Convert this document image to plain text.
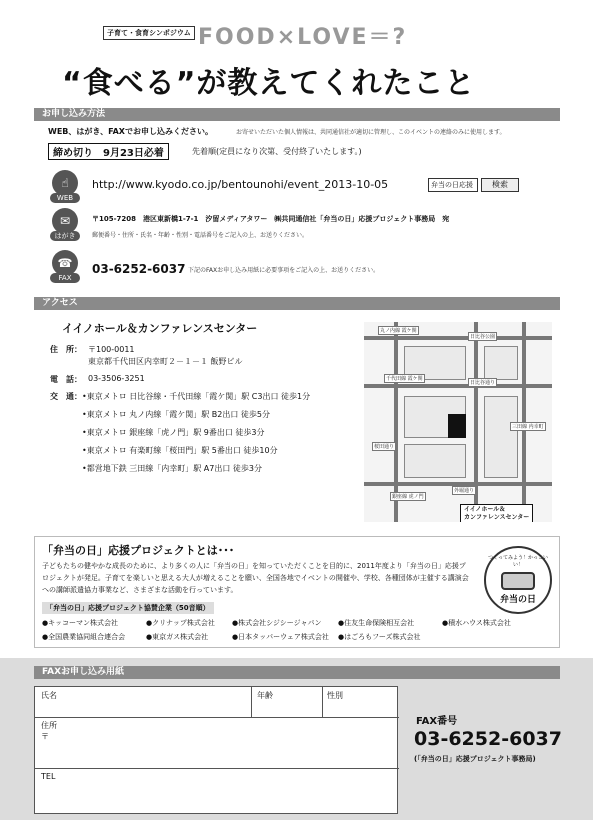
子育て・食育シンポジウム FOOD×LOVE＝?
“食べる”が教えてくれたこと
お申し込み方法
WEB、はがき、FAXでお申し込みください。	お寄せいただいた個人情報は、共同通信社が適切に管理し、このイベントの連絡のみに使用します。
締め切り　9月23日必着	先着順(定員になり次第、受付終了いたします。)
☝
WEB
http://www.kyodo.co.jp/bentounohi/event_2013-10-05	弁当の日応援	検索
✉
はがき
〒105-7208　港区東新橋1-7-1　汐留メディアタワー　㈱共同通信社「弁当の日」応援プロジェクト事務局　宛
郵便番号・住所・氏名・年齢・性別・電話番号をご記入の上、お送りください。
☎
FAX
03-6252-6037 下記のFAXお申し込み用紙に必要事項をご記入の上、お送りください。
アクセス
イイノホール＆カンファレンスセンター
住　所： 〒100-0011
東京都千代田区内幸町２－１－１ 飯野ビル
電　話： 03-3506-3251
交　通： •東京メトロ 日比谷線・千代田線「霞ケ関」駅 C3出口 徒歩1分
•東京メトロ 丸ノ内線「霞ケ関」駅 B2出口 徒歩5分
•東京メトロ 銀座線「虎ノ門」駅 9番出口 徒歩3分
•東京メトロ 有楽町線「桜田門」駅 5番出口 徒歩10分
•都営地下鉄 三田線「内幸町」駅 A7出口 徒歩3分
丸ノ内線 霞ケ関
日比谷公園
千代田線 霞ケ関
日比谷通り
桜田通り
三田線 内幸町
銀座線 虎ノ門
外堀通り
イイノホール＆
カンファレンスセンター
「弁当の日」応援プロジェクトとは･･･
子どもたちの健やかな成長のために、より多くの人に「弁当の日」を知っていただくことを目的に、2011年度より「弁当の日」応援プロジェクトが発足。子育てを楽しいと思える大人が増えることを願い、全国各地でイベントの開催や、学校、各種団体が主催する講演会への講師派遣協力事業など、さまざまな活動を行っています。
「弁当の日」応援プロジェクト協賛企業（50音順）
●キッコーマン株式会社	●クリナップ株式会社 ●株式会社シジシージャパン ●住友生命保険相互会社	●積水ハウス株式会社
●全国農業協同組合連合会	●東京ガス株式会社	●日本タッパーウェア株式会社 ●はごろもフーズ株式会社
つくってみよう！かっこいい！
弁当の日
FAXお申し込み用紙
氏名	年齢	性別
住所
〒
TEL
FAX番号
03-6252-6037
(「弁当の日」応援プロジェクト事務局)
